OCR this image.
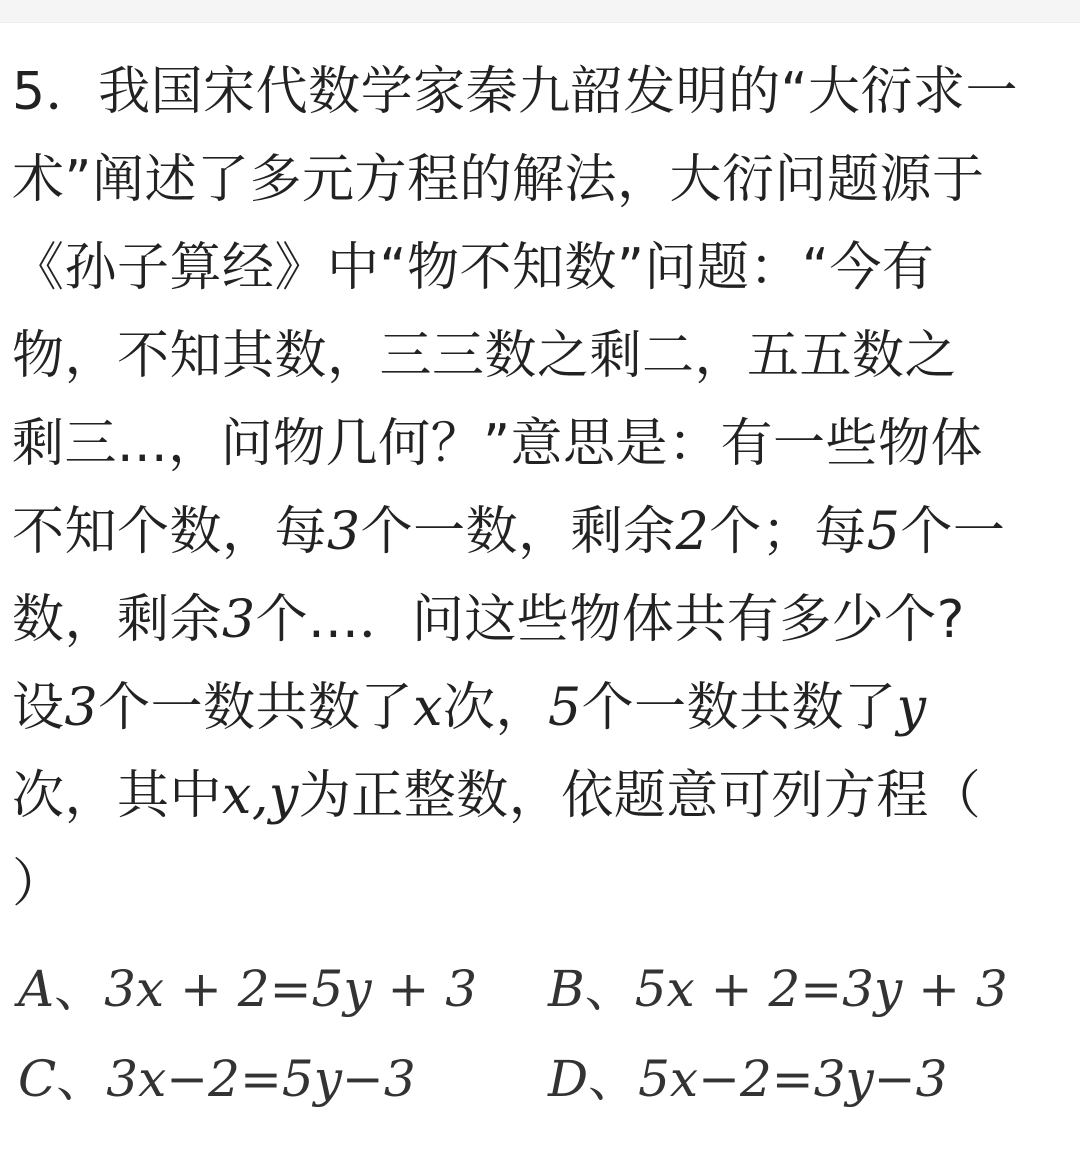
5．我国宋代数学家秦九韶发明的“大衍求一
术”阐述了多元方程的解法，大衍问题源于
《孙子算经》中“物不知数”问题：“今有
物，不知其数，三三数之剩二，五五数之
剩三...，问物几何？”意思是：有一些物体
不知个数，每3个一数，剩余2个；每5个一
数，剩余3个...．问这些物体共有多少个?
设3个一数共数了x次，5个一数共数了y
次，其中x,y为正整数，依题意可列方程（
）
A、3x + 2=5y + 3 B、5x + 2=3y + 3
C、3x−2=5y−3	D、5x−2=3y−3
